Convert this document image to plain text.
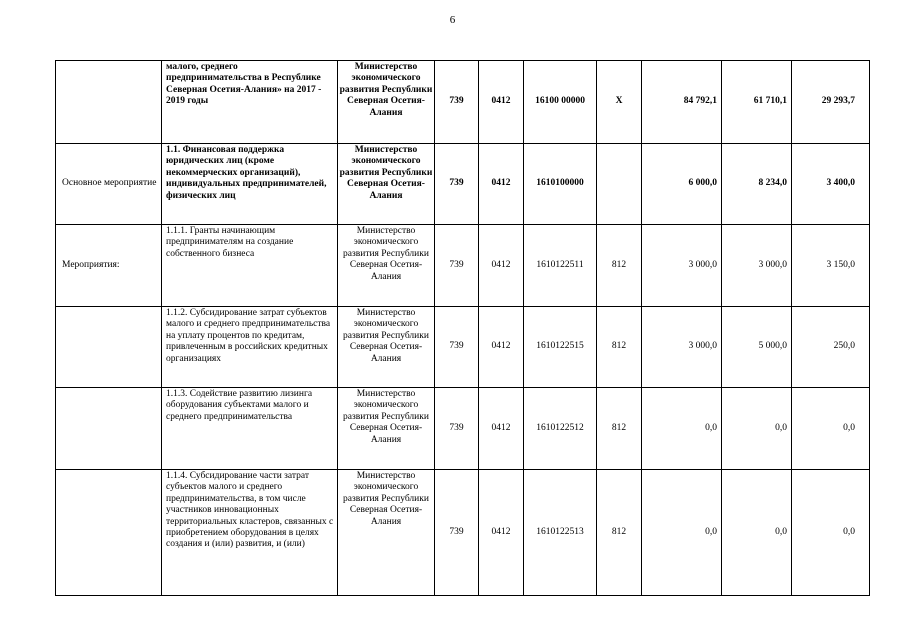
6
	малого, среднего предпринимательства в Республике Северная Осетия-Алания» на 2017 - 2019 годы	Министерство экономического развития Республики Северная Осетия-Алания	739	0412	16100 00000	Х	84 792,1	61 710,1	29 293,7
Основное мероприятие	1.1. Финансовая поддержка юридических лиц (кроме некоммерческих организаций), индивидуальных предпринимателей, физических лиц	Министерство экономического развития Республики Северная Осетия-Алания	739	0412	1610100000		6 000,0	8 234,0	3 400,0
Мероприятия:	1.1.1. Гранты начинающим предпринимателям на создание собственного бизнеса	Министерство экономического развития Республики Северная Осетия-Алания	739	0412	1610122511	812	3 000,0	3 000,0	3 150,0
	1.1.2. Субсидирование затрат субъектов малого и среднего предпринимательства на уплату процентов по кредитам, привлеченным в российских кредитных организациях	Министерство экономического развития Республики Северная Осетия-Алания	739	0412	1610122515	812	3 000,0	5 000,0	250,0
	1.1.3. Содействие развитию лизинга оборудования субъектами малого и среднего предпринимательства	Министерство экономического развития Республики Северная Осетия-Алания	739	0412	1610122512	812	0,0	0,0	0,0
	1.1.4. Субсидирование части затрат субъектов малого и среднего предпринимательства, в том числе участников инновационных территориальных кластеров, связанных с приобретением оборудования в целях создания и (или) развития, и (или)	Министерство экономического развития Республики Северная Осетия-Алания	739	0412	1610122513	812	0,0	0,0	0,0
